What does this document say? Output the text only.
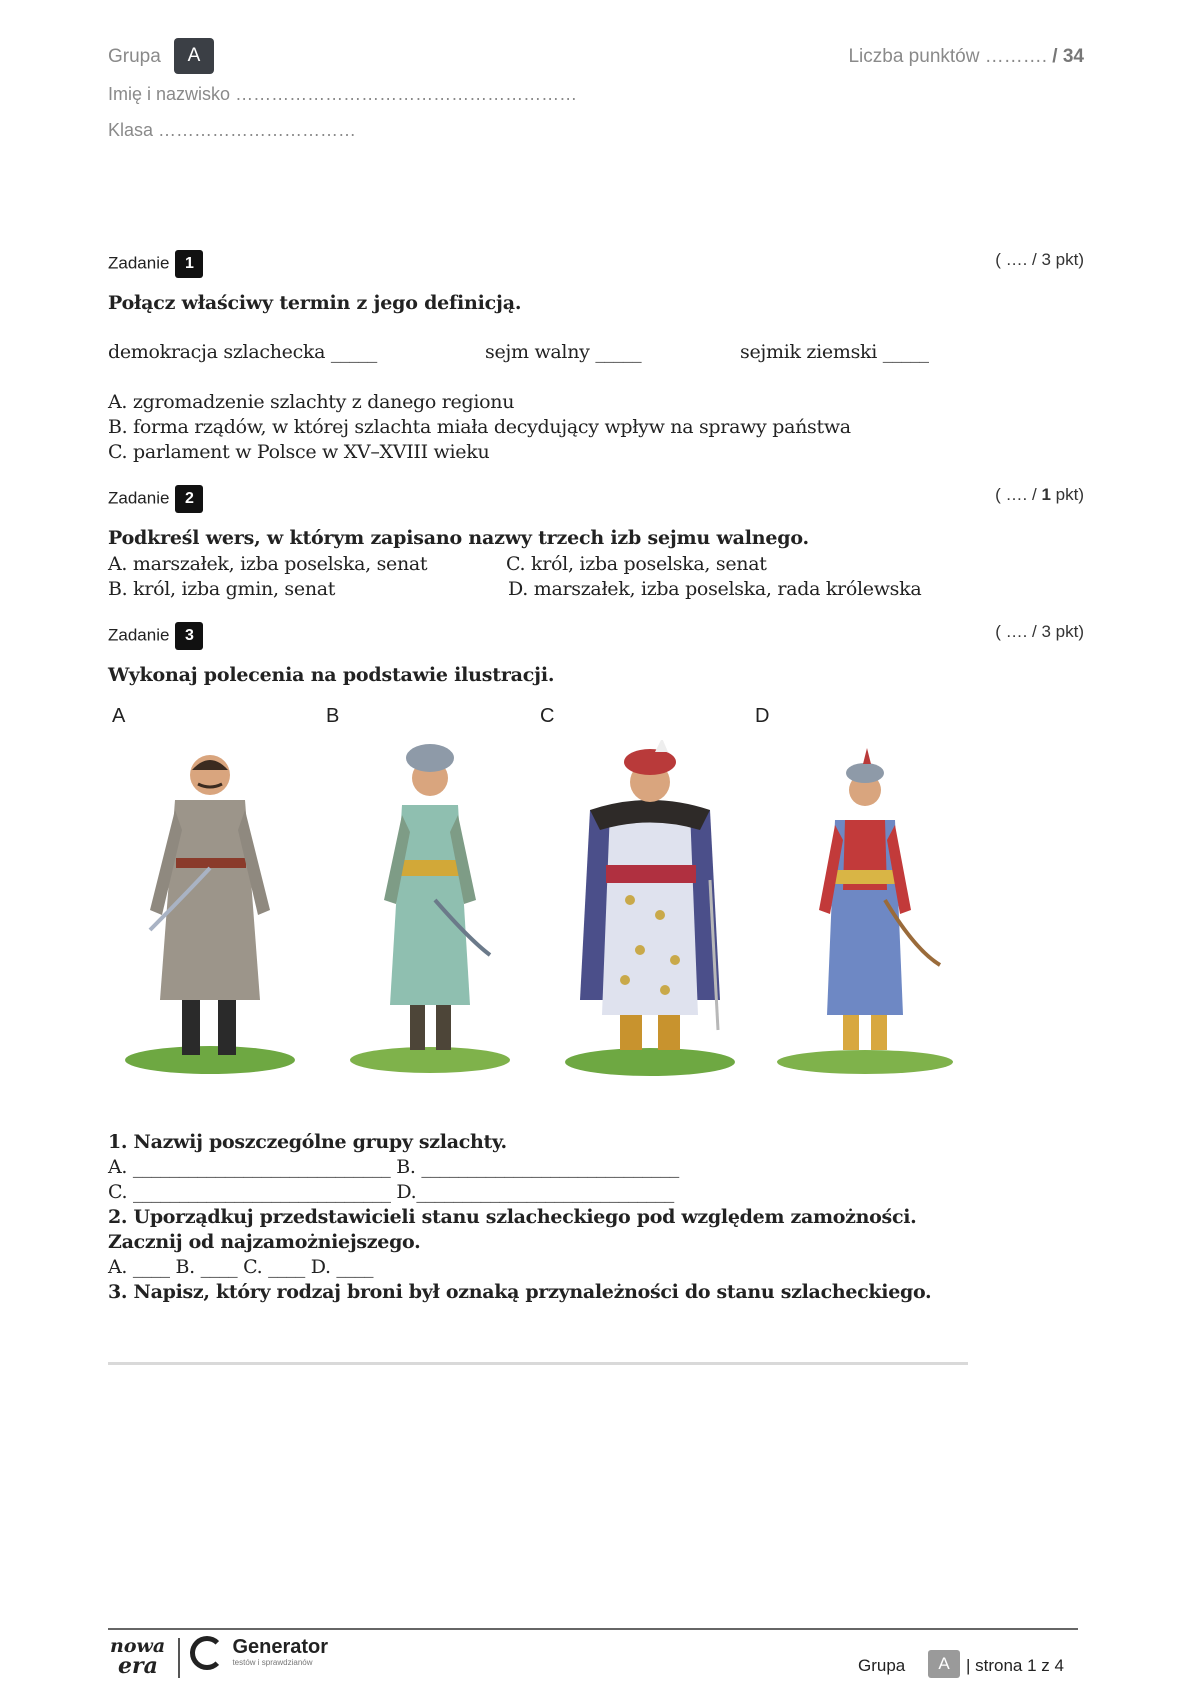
Grupa	A
Imię i nazwisko …………………………………………………
Klasa ……………………………
Liczba punktów ………. / 34
Zadanie 1	( …. / 3 pkt)
Połącz właściwy termin z jego definicją.
demokracja szlachecka _____	sejm walny _____	sejmik ziemski _____
A. zgromadzenie szlachty z danego regionu
B. forma rządów, w której szlachta miała decydujący wpływ na sprawy państwa
C. parlament w Polsce w XV–XVIII wieku
Zadanie 2	( …. / 1 pkt)
Podkreśl wers, w którym zapisano nazwy trzech izb sejmu walnego.
A. marszałek, izba poselska, senat	C. król, izba poselska, senat
B. król, izba gmin, senat	D. marszałek, izba poselska, rada królewska
Zadanie 3	( …. / 3 pkt)
Wykonaj polecenia na podstawie ilustracji.
A	B	C	D
1. Nazwij poszczególne grupy szlachty.
A. ____________________________ B. ____________________________
C. ____________________________ D.____________________________
2. Uporządkuj przedstawicieli stanu szlacheckiego pod względem zamożności.
Zacznij od najzamożniejszego.
A. ____ B. ____ C. ____ D. ____
3. Napisz, który rodzaj broni był oznaką przynależności do stanu szlacheckiego.
nowa
era

Generator
testów i sprawdzianów	Grupa	A | strona 1 z 4
